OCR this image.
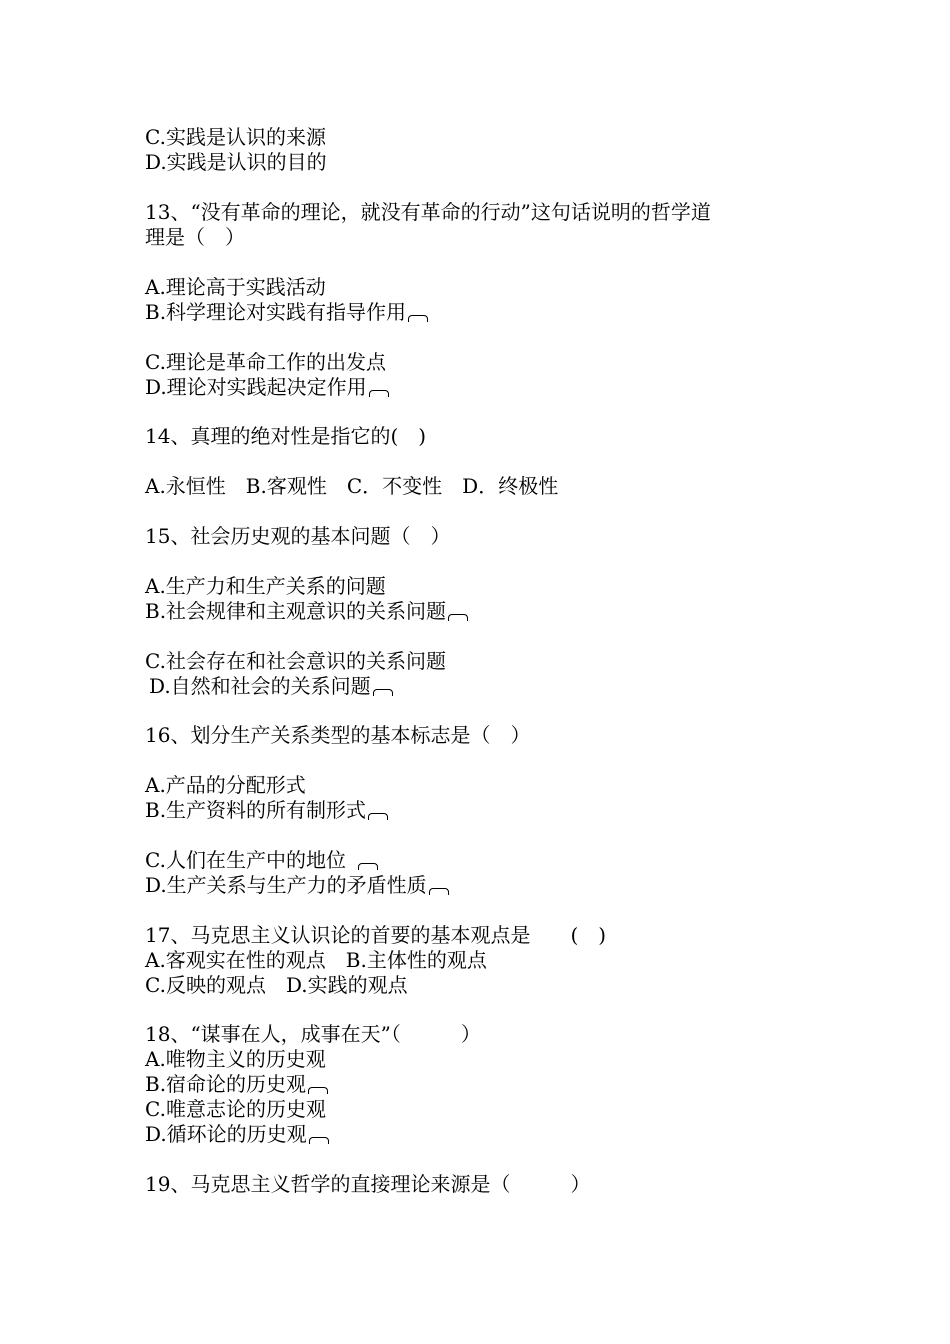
C.实践是认识的来源
D.实践是认识的目的
13、“没有革命的理论，就没有革命的行动”这句话说明的哲学道
理是（　）
A.理论高于实践活动
B.科学理论对实践有指导作用
C.理论是革命工作的出发点
D.理论对实践起决定作用
14、真理的绝对性是指它的(　)
A.永恒性　B.客观性　C．不变性　D．终极性
15、社会历史观的基本问题（　）
A.生产力和生产关系的问题
B.社会规律和主观意识的关系问题
C.社会存在和社会意识的关系问题
D.自然和社会的关系问题
16、划分生产关系类型的基本标志是（　）
A.产品的分配形式
B.生产资料的所有制形式
C.人们在生产中的地位
D.生产关系与生产力的矛盾性质
17、马克思主义认识论的首要的基本观点是　　(　)
A.客观实在性的观点　B.主体性的观点
C.反映的观点　D.实践的观点
18、“谋事在人，成事在天”（　　　）
A.唯物主义的历史观
B.宿命论的历史观
C.唯意志论的历史观
D.循环论的历史观
19、马克思主义哲学的直接理论来源是（　　　）
